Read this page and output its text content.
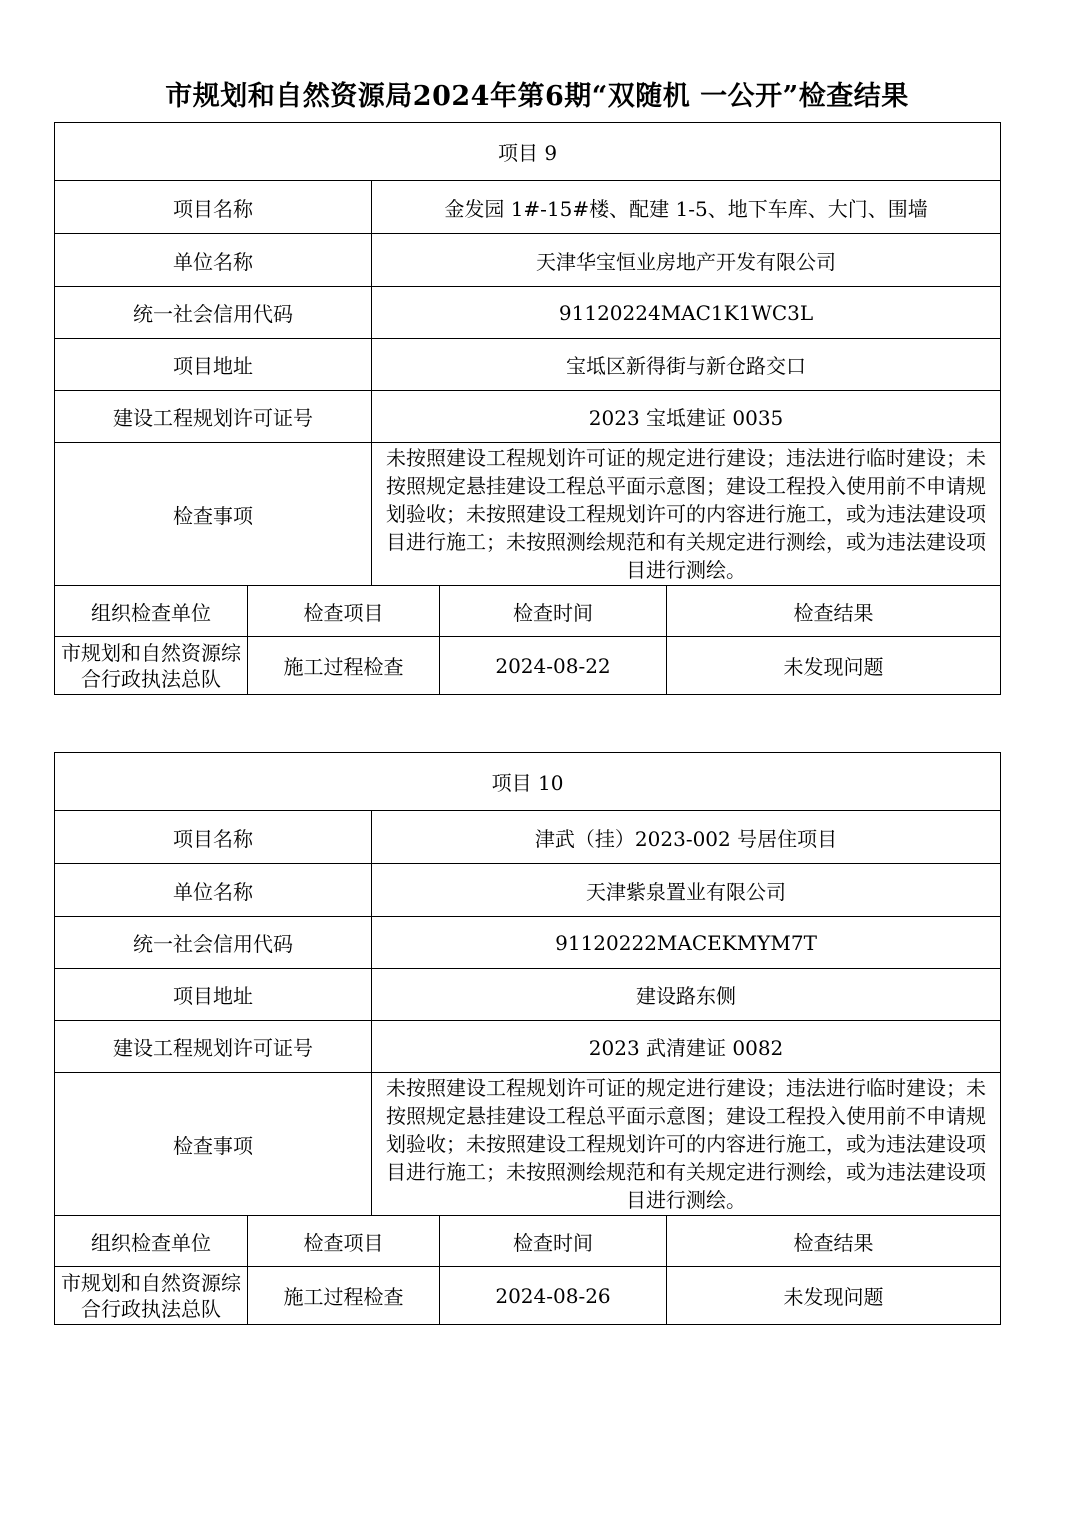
市规划和自然资源局2024年第6期“双随机 一公开”检查结果
项目 9				
项目名称		金发园 1#-15#楼、配建 1-5、地下车库、大门、围墙		
单位名称		天津华宝恒业房地产开发有限公司		
统一社会信用代码		91120224MAC1K1WC3L		
项目地址		宝坻区新得街与新仓路交口		
建设工程规划许可证号		2023 宝坻建证 0035		
检查事项		未按照建设工程规划许可证的规定进行建设；违法进行临时建设；未按照规定悬挂建设工程总平面示意图；建设工程投入使用前不申请规划验收；未按照建设工程规划许可的内容进行施工，或为违法建设项目进行施工；未按照测绘规范和有关规定进行测绘，或为违法建设项目进行测绘。		
组织检查单位	检查项目		检查时间	检查结果
市规划和自然资源综合行政执法总队	施工过程检查		2024-08-22	未发现问题
项目 10				
项目名称		津武（挂）2023-002 号居住项目		
单位名称		天津紫泉置业有限公司		
统一社会信用代码		91120222MACEKMYM7T		
项目地址		建设路东侧		
建设工程规划许可证号		2023 武清建证 0082		
检查事项		未按照建设工程规划许可证的规定进行建设；违法进行临时建设；未按照规定悬挂建设工程总平面示意图；建设工程投入使用前不申请规划验收；未按照建设工程规划许可的内容进行施工，或为违法建设项目进行施工；未按照测绘规范和有关规定进行测绘，或为违法建设项目进行测绘。		
组织检查单位	检查项目		检查时间	检查结果
市规划和自然资源综合行政执法总队	施工过程检查		2024-08-26	未发现问题
